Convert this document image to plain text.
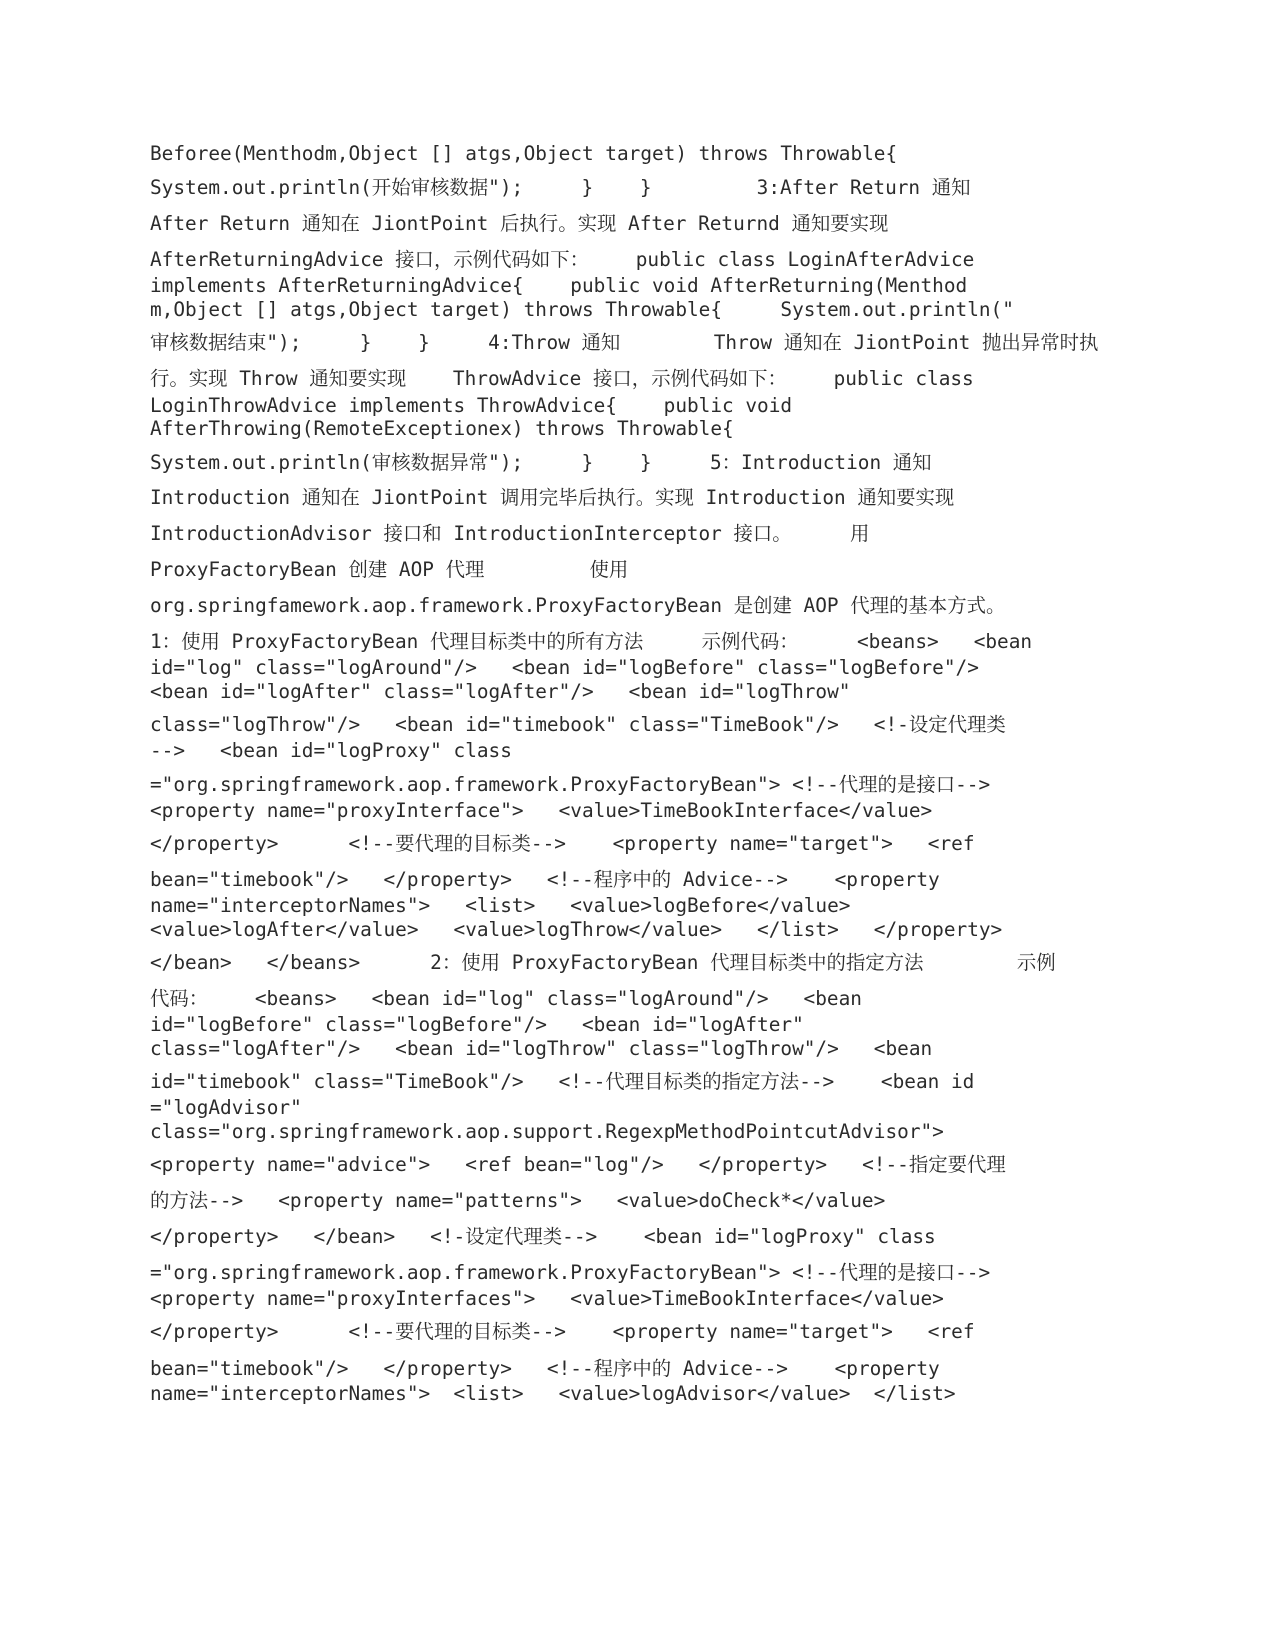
Beforee(Menthodm,Object [] atgs,Object target) throws Throwable{
System.out.println(开始审核数据");     }    }         3:After Return 通知
After Return 通知在 JiontPoint 后执行。实现 After Returnd 通知要实现
AfterReturningAdvice 接口，示例代码如下：    public class LoginAfterAdvice
implements AfterReturningAdvice{    public void AfterReturning(Menthod
m,Object [] atgs,Object target) throws Throwable{     System.out.println("
审核数据结束");     }    }     4:Throw 通知        Throw 通知在 JiontPoint 抛出异常时执
行。实现 Throw 通知要实现    ThrowAdvice 接口，示例代码如下：    public class
LoginThrowAdvice implements ThrowAdvice{    public void
AfterThrowing(RemoteExceptionex) throws Throwable{
System.out.println(审核数据异常");     }    }     5：Introduction 通知
Introduction 通知在 JiontPoint 调用完毕后执行。实现 Introduction 通知要实现
IntroductionAdvisor 接口和 IntroductionInterceptor 接口。     用
ProxyFactoryBean 创建 AOP 代理         使用
org.springfamework.aop.framework.ProxyFactoryBean 是创建 AOP 代理的基本方式。
1：使用 ProxyFactoryBean 代理目标类中的所有方法     示例代码：     <beans>   <bean
id="log" class="logAround"/>   <bean id="logBefore" class="logBefore"/>
<bean id="logAfter" class="logAfter"/>   <bean id="logThrow"
class="logThrow"/>   <bean id="timebook" class="TimeBook"/>   <!-设定代理类
-->   <bean id="logProxy" class
="org.springframework.aop.framework.ProxyFactoryBean"> <!--代理的是接口-->
<property name="proxyInterface">   <value>TimeBookInterface</value>
</property>      <!--要代理的目标类-->    <property name="target">   <ref
bean="timebook"/>   </property>   <!--程序中的 Advice-->    <property
name="interceptorNames">   <list>   <value>logBefore</value>
<value>logAfter</value>   <value>logThrow</value>   </list>   </property>
</bean>   </beans>      2：使用 ProxyFactoryBean 代理目标类中的指定方法        示例
代码：    <beans>   <bean id="log" class="logAround"/>   <bean
id="logBefore" class="logBefore"/>   <bean id="logAfter"
class="logAfter"/>   <bean id="logThrow" class="logThrow"/>   <bean
id="timebook" class="TimeBook"/>   <!--代理目标类的指定方法-->    <bean id
="logAdvisor"
class="org.springframework.aop.support.RegexpMethodPointcutAdvisor">
<property name="advice">   <ref bean="log"/>   </property>   <!--指定要代理
的方法-->   <property name="patterns">   <value>doCheck*</value>
</property>   </bean>   <!-设定代理类-->    <bean id="logProxy" class
="org.springframework.aop.framework.ProxyFactoryBean"> <!--代理的是接口-->
<property name="proxyInterfaces">   <value>TimeBookInterface</value>
</property>      <!--要代理的目标类-->    <property name="target">   <ref
bean="timebook"/>   </property>   <!--程序中的 Advice-->    <property
name="interceptorNames">  <list>   <value>logAdvisor</value>  </list>
